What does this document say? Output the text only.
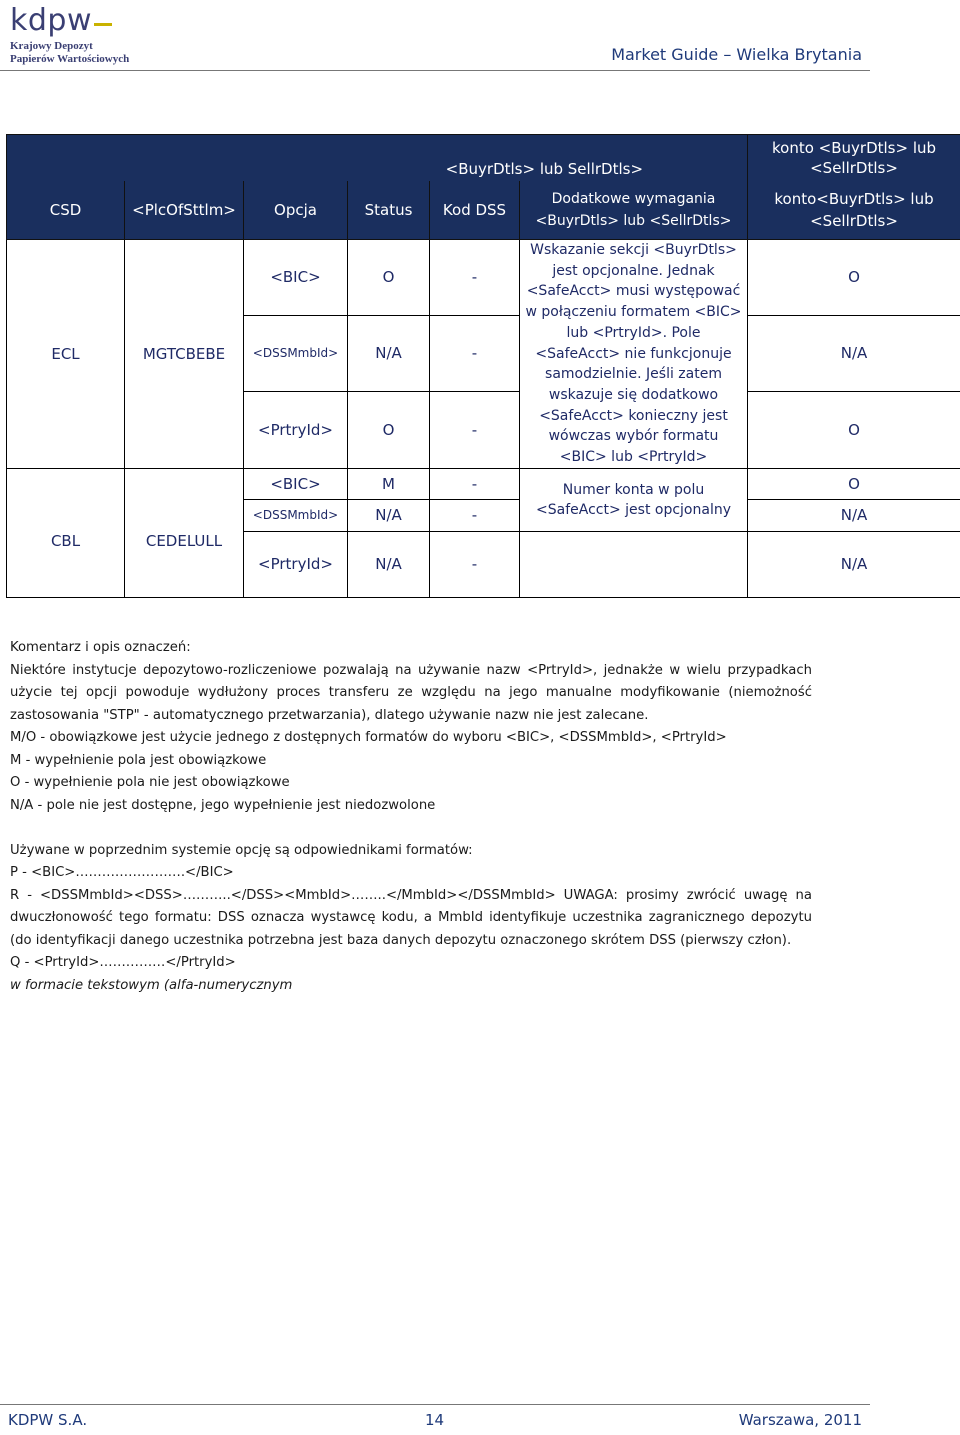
kdpw
Krajowy Depozyt
Papierów Wartościowych	Market Guide – Wielka Brytania
				<BuyrDtls> lub SellrDtls>		konto <BuyrDtls> lub <SellrDtls>
CSD	<PlcOfSttlm>	Opcja	Status	Kod DSS	Dodatkowe wymagania <BuyrDtls> lub <SellrDtls>	konto<BuyrDtls> lub <SellrDtls>
ECL	MGTCBEBE	<BIC>	O	-	Wskazanie sekcji <BuyrDtls> jest opcjonalne. Jednak <SafeAcct> musi występować w połączeniu formatem <BIC> lub <PrtryId>. Pole <SafeAcct> nie funkcjonuje samodzielnie. Jeśli zatem wskazuje się dodatkowo <SafeAcct> konieczny jest wówczas wybór formatu <BIC> lub <PrtryId>	O
		<DSSMmbId>	N/A	-		N/A
		<PrtryId>	O	-		O
CBL	CEDELULL	<BIC>	M	-	Numer konta w polu <SafeAcct> jest opcjonalny	O
		<DSSMmbId>	N/A	-		N/A
		<PrtryId>	N/A	-		N/A

Komentarz i opis oznaczeń:

Niektóre instytucje depozytowo-rozliczeniowe pozwalają na używanie nazw <PrtryId>, jednakże w wielu przypadkach użycie tej opcji powoduje wydłużony proces transferu ze względu na jego manualne modyfikowanie (niemożność zastosowania "STP" - automatycznego przetwarzania), dlatego używanie nazw nie jest zalecane.

M/O - obowiązkowe jest użycie jednego z dostępnych formatów do wyboru <BIC>, <DSSMmbId>, <PrtryId>

M - wypełnienie pola jest obowiązkowe

O - wypełnienie pola nie jest obowiązkowe

N/A - pole nie jest dostępne, jego wypełnienie jest niedozwolone

Używane w poprzednim systemie opcję są odpowiednikami formatów:

P - <BIC>…………………….</BIC>

R - <DSSMmbId><DSS>………..</DSS><MmbId>……..</MmbId></DSSMmbId> UWAGA: prosimy zwrócić uwagę na dwuczłonowość tego formatu: DSS oznacza wystawcę kodu, a MmbId identyfikuje uczestnika zagranicznego depozytu (do identyfikacji danego uczestnika potrzebna jest baza danych depozytu oznaczonego skrótem DSS (pierwszy człon).

Q - <PrtryId>……………</PrtryId>

w formacie tekstowym (alfa-numerycznym

KDPW S.A.	14	Warszawa, 2011
